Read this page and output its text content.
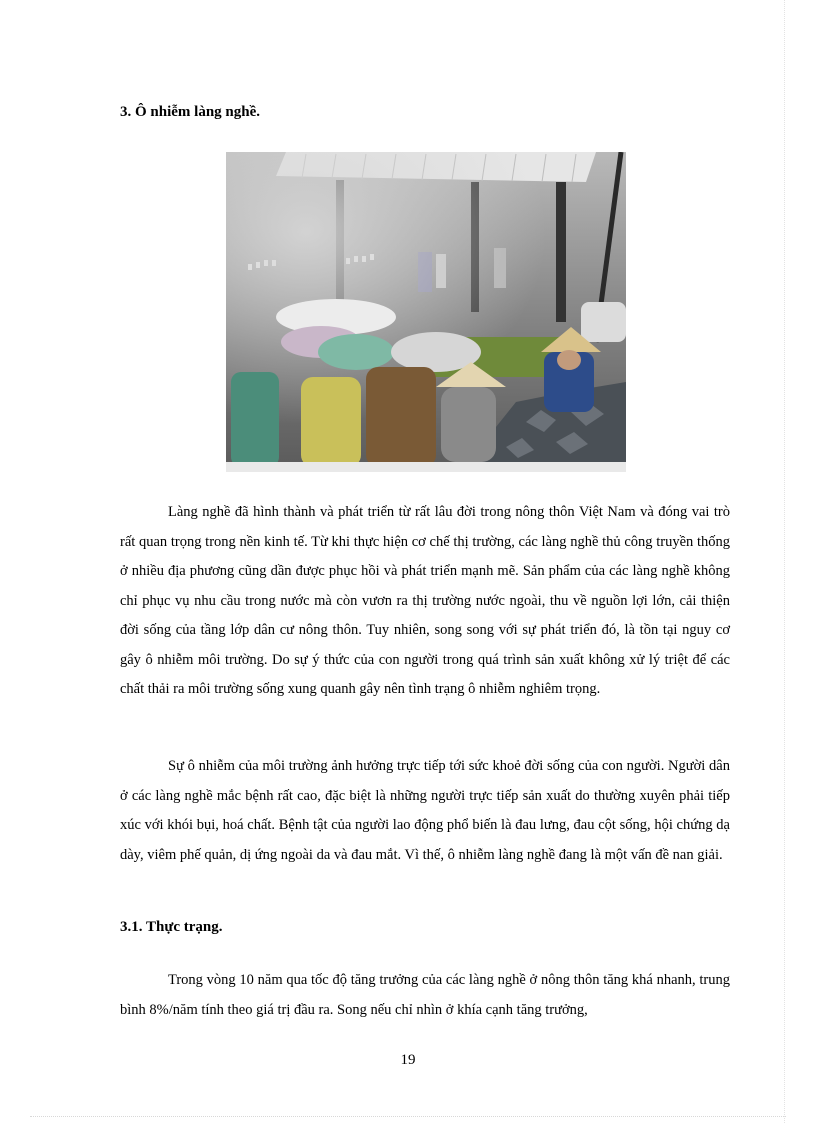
3. Ô nhiễm làng nghề.

Làng nghề đã hình thành và phát triển từ rất lâu đời trong nông thôn Việt Nam và đóng vai trò rất quan trọng trong nền kinh tế. Từ khi thực hiện cơ chế thị trường, các làng nghề thủ công truyền thống ở nhiều địa phương cũng dần được phục hồi và phát triển mạnh mẽ. Sản phẩm của các làng nghề không chỉ phục vụ nhu cầu trong nước mà còn vươn ra thị trường nước ngoài, thu về nguồn lợi lớn, cải thiện đời sống của tầng lớp dân cư nông thôn. Tuy nhiên, song song với sự phát triển đó, là tồn tại nguy cơ gây ô nhiễm môi trường. Do sự ý thức của con người trong quá trình sản xuất không xử lý triệt để các chất thải ra môi trường sống xung quanh gây nên tình trạng ô nhiễm nghiêm trọng.

Sự ô nhiễm của môi trường ảnh hưởng trực tiếp tới sức khoẻ đời sống của con người. Người dân ở các làng nghề mắc bệnh rất cao, đặc biệt là những người trực tiếp sản xuất do thường xuyên phải tiếp xúc với khói bụi, hoá chất. Bệnh tật của người lao động phổ biến là đau lưng, đau cột sống, hội chứng dạ dày, viêm phế quản, dị ứng ngoài da và đau mắt. Vì thế, ô nhiễm làng nghề đang là một vấn đề nan giải.

3.1. Thực trạng.

Trong vòng 10 năm qua tốc độ tăng trưởng của các làng nghề ở nông thôn tăng khá nhanh, trung bình 8%/năm tính theo giá trị đầu ra. Song nếu chỉ nhìn ở khía cạnh tăng trưởng,

19
